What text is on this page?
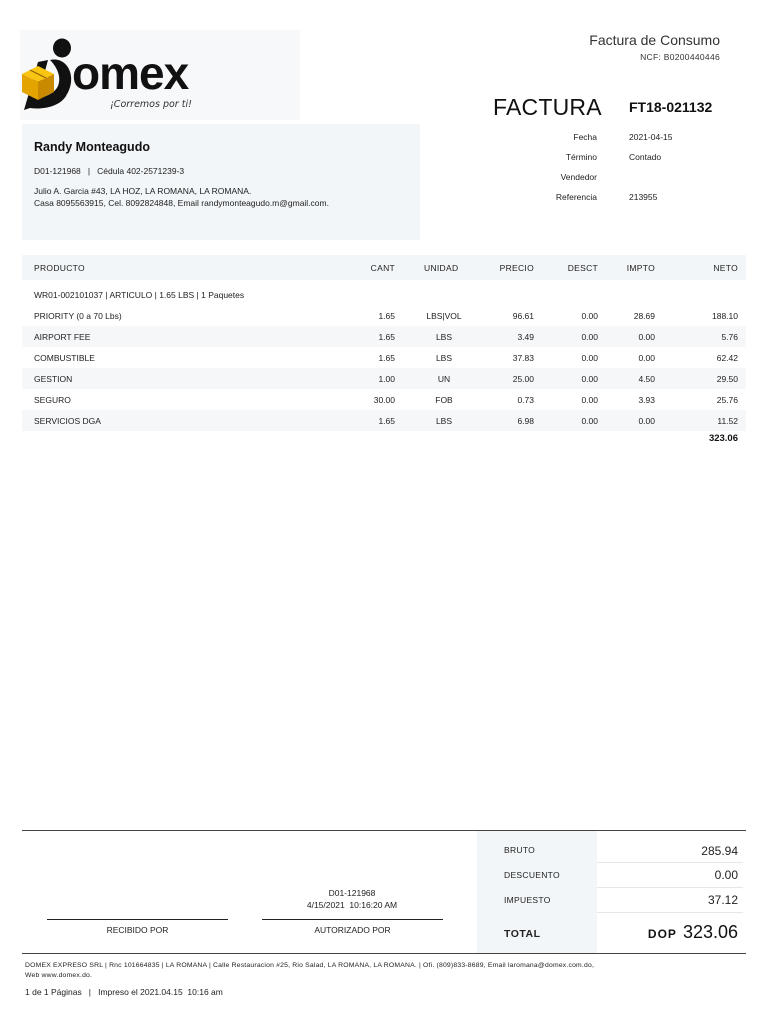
omex
¡Corremos por ti!
Factura de Consumo
NCF: B0200440446
FACTURA FT18-021132
Randy Monteagudo
D01-121968   |   Cédula 402-2571239-3
Julio A. Garcia #43, LA HOZ, LA ROMANA, LA ROMANA.
Casa 8095563915, Cel. 8092824848, Email randymonteagudo.m@gmail.com.
Fecha	2021-04-15
Término	Contado
Vendedor
Referencia	213955
PRODUCTO	CANT	UNIDAD	PRECIO	DESCT	IMPTO	NETO
WR01-002101037 | ARTICULO | 1.65 LBS | 1 Paquetes
PRIORITY (0 a 70 Lbs)	1.65	LBS|VOL	96.61	0.00	28.69	188.10
AIRPORT FEE	1.65	LBS	3.49	0.00	0.00	5.76
COMBUSTIBLE	1.65	LBS	37.83	0.00	0.00	62.42
GESTION	1.00	UN	25.00	0.00	4.50	29.50
SEGURO	30.00	FOB	0.73	0.00	3.93	25.76
SERVICIOS DGA	1.65	LBS	6.98	0.00	0.00	11.52
323.06
BRUTO	285.94
DESCUENTO	0.00
IMPUESTO	37.12
TOTAL	DOP 323.06
D01-121968
4/15/2021  10:16:20 AM
RECIBIDO POR	AUTORIZADO POR
DOMEX EXPRESO SRL | Rnc 101664835 | LA ROMANA | Calle Restauracion #25, Rio Salad, LA ROMANA, LA ROMANA. | Ofi. (809)833-8689, Email laromana@domex.com.do,
Web www.domex.do.
1 de 1 Páginas   |   Impreso el 2021.04.15  10:16 am
